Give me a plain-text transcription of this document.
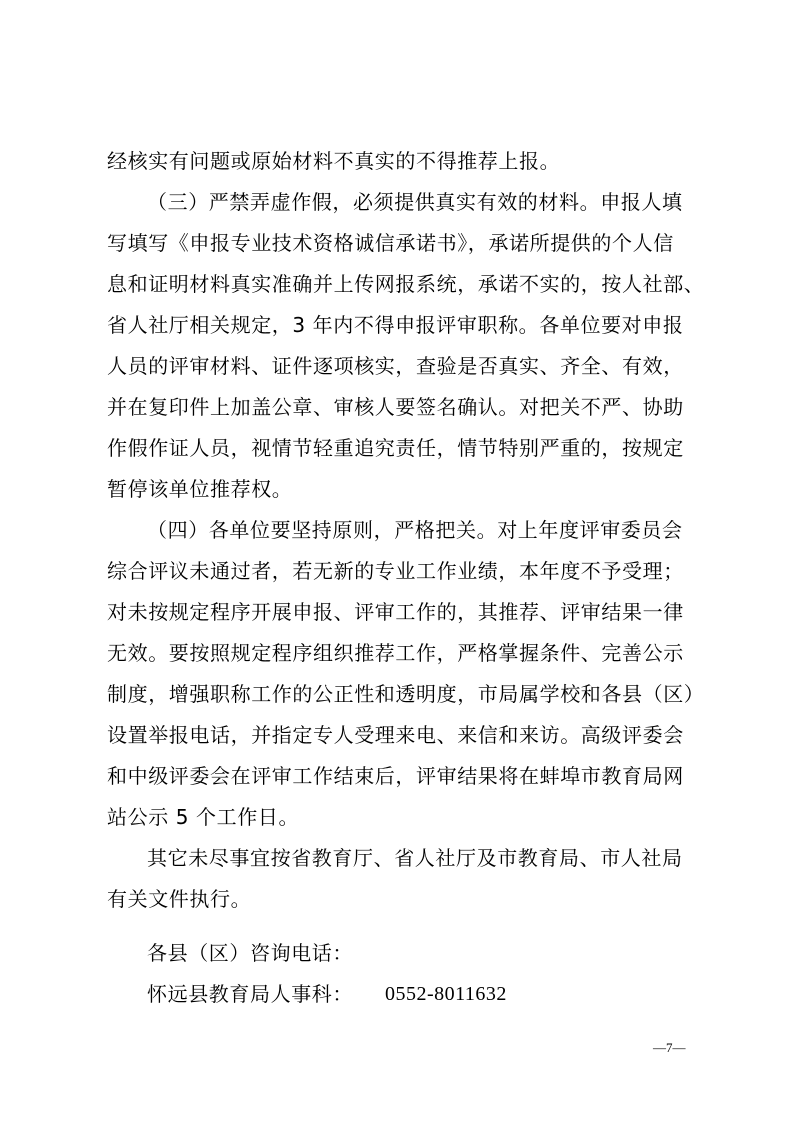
经核实有问题或原始材料不真实的不得推荐上报。
（三）严禁弄虚作假，必须提供真实有效的材料。申报人填
写填写《申报专业技术资格诚信承诺书》，承诺所提供的个人信
息和证明材料真实准确并上传网报系统，承诺不实的，按人社部、
省人社厅相关规定，3 年内不得申报评审职称。各单位要对申报
人员的评审材料、证件逐项核实，查验是否真实、齐全、有效，
并在复印件上加盖公章、审核人要签名确认。对把关不严、协助
作假作证人员，视情节轻重追究责任，情节特别严重的，按规定
暂停该单位推荐权。
（四）各单位要坚持原则，严格把关。对上年度评审委员会
综合评议未通过者，若无新的专业工作业绩，本年度不予受理；
对未按规定程序开展申报、评审工作的，其推荐、评审结果一律
无效。要按照规定程序组织推荐工作，严格掌握条件、完善公示
制度，增强职称工作的公正性和透明度，市局属学校和各县（区）
设置举报电话，并指定专人受理来电、来信和来访。高级评委会
和中级评委会在评审工作结束后，评审结果将在蚌埠市教育局网
站公示 5 个工作日。
其它未尽事宜按省教育厅、省人社厅及市教育局、市人社局
有关文件执行。
各县（区）咨询电话：
怀远县教育局人事科： 0552-8011632
—7—
